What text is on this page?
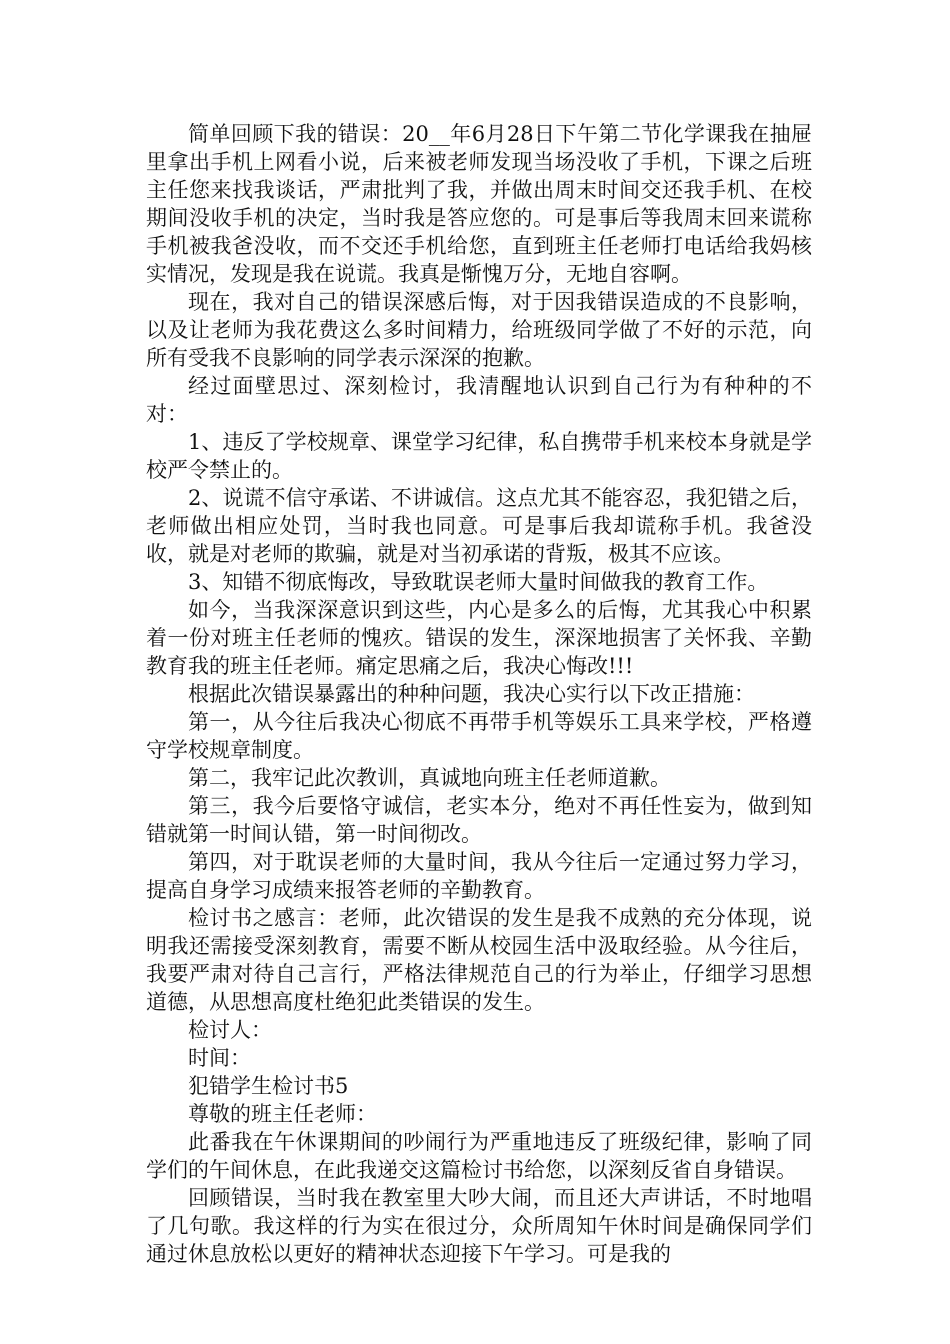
简单回顾下我的错误：20__年6月28日下午第二节化学课我在抽屉里拿出手机上网看小说，后来被老师发现当场没收了手机，下课之后班主任您来找我谈话，严肃批判了我，并做出周末时间交还我手机、在校期间没收手机的决定，当时我是答应您的。可是事后等我周末回来谎称手机被我爸没收，而不交还手机给您，直到班主任老师打电话给我妈核实情况，发现是我在说谎。我真是惭愧万分，无地自容啊。

现在，我对自己的错误深感后悔，对于因我错误造成的不良影响，以及让老师为我花费这么多时间精力，给班级同学做了不好的示范，向所有受我不良影响的同学表示深深的抱歉。

经过面壁思过、深刻检讨，我清醒地认识到自己行为有种种的不对：

1、违反了学校规章、课堂学习纪律，私自携带手机来校本身就是学校严令禁止的。

2、说谎不信守承诺、不讲诚信。这点尤其不能容忍，我犯错之后，老师做出相应处罚，当时我也同意。可是事后我却谎称手机。我爸没收，就是对老师的欺骗，就是对当初承诺的背叛，极其不应该。

3、知错不彻底悔改，导致耽误老师大量时间做我的教育工作。

如今，当我深深意识到这些，内心是多么的后悔，尤其我心中积累着一份对班主任老师的愧疚。错误的发生，深深地损害了关怀我、辛勤教育我的班主任老师。痛定思痛之后，我决心悔改!!!

根据此次错误暴露出的种种问题，我决心实行以下改正措施：

第一，从今往后我决心彻底不再带手机等娱乐工具来学校，严格遵守学校规章制度。

第二，我牢记此次教训，真诚地向班主任老师道歉。

第三，我今后要恪守诚信，老实本分，绝对不再任性妄为，做到知错就第一时间认错，第一时间彻改。

第四，对于耽误老师的大量时间，我从今往后一定通过努力学习，提高自身学习成绩来报答老师的辛勤教育。

检讨书之感言：老师，此次错误的发生是我不成熟的充分体现，说明我还需接受深刻教育，需要不断从校园生活中汲取经验。从今往后，我要严肃对待自己言行，严格法律规范自己的行为举止，仔细学习思想道德，从思想高度杜绝犯此类错误的发生。

检讨人：

时间：

犯错学生检讨书5

尊敬的班主任老师：

此番我在午休课期间的吵闹行为严重地违反了班级纪律，影响了同学们的午间休息，在此我递交这篇检讨书给您，以深刻反省自身错误。

回顾错误，当时我在教室里大吵大闹，而且还大声讲话，不时地唱了几句歌。我这样的行为实在很过分，众所周知午休时间是确保同学们通过休息放松以更好的精神状态迎接下午学习。可是我的
